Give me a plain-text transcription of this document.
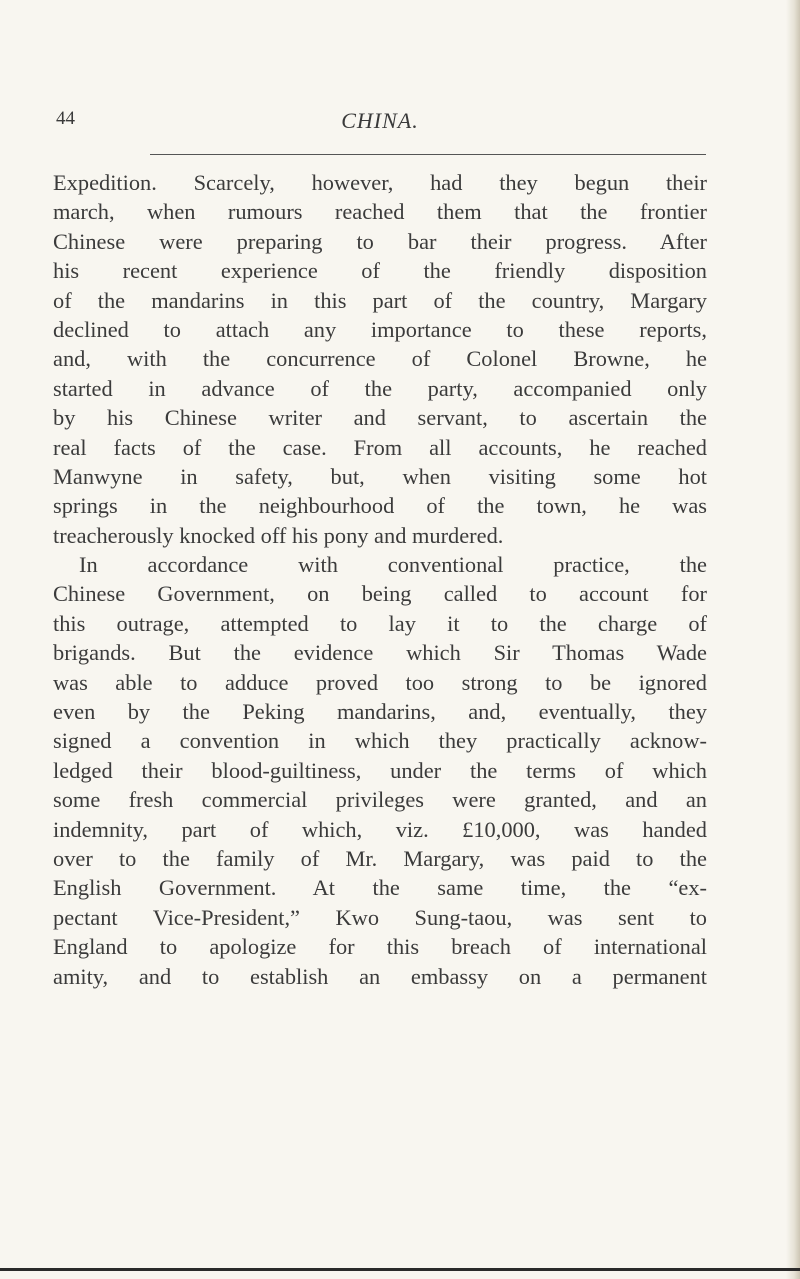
44	CHINA.
Expedition. Scarcely, however, had they begun their
march, when rumours reached them that the frontier
Chinese were preparing to bar their progress. After
his recent experience of the friendly disposition
of the mandarins in this part of the country, Margary
declined to attach any importance to these reports,
and, with the concurrence of Colonel Browne, he
started in advance of the party, accompanied only
by his Chinese writer and servant, to ascertain the
real facts of the case. From all accounts, he reached
Manwyne in safety, but, when visiting some hot
springs in the neighbourhood of the town, he was
treacherously knocked off his pony and murdered.
In accordance with conventional practice, the
Chinese Government, on being called to account for
this outrage, attempted to lay it to the charge of
brigands. But the evidence which Sir Thomas Wade
was able to adduce proved too strong to be ignored
even by the Peking mandarins, and, eventually, they
signed a convention in which they practically acknow-
ledged their blood-guiltiness, under the terms of which
some fresh commercial privileges were granted, and an
indemnity, part of which, viz. £10,000, was handed
over to the family of Mr. Margary, was paid to the
English Government. At the same time, the “ex-
pectant Vice-President,” Kwo Sung-taou, was sent to
England to apologize for this breach of international
amity, and to establish an embassy on a permanent
